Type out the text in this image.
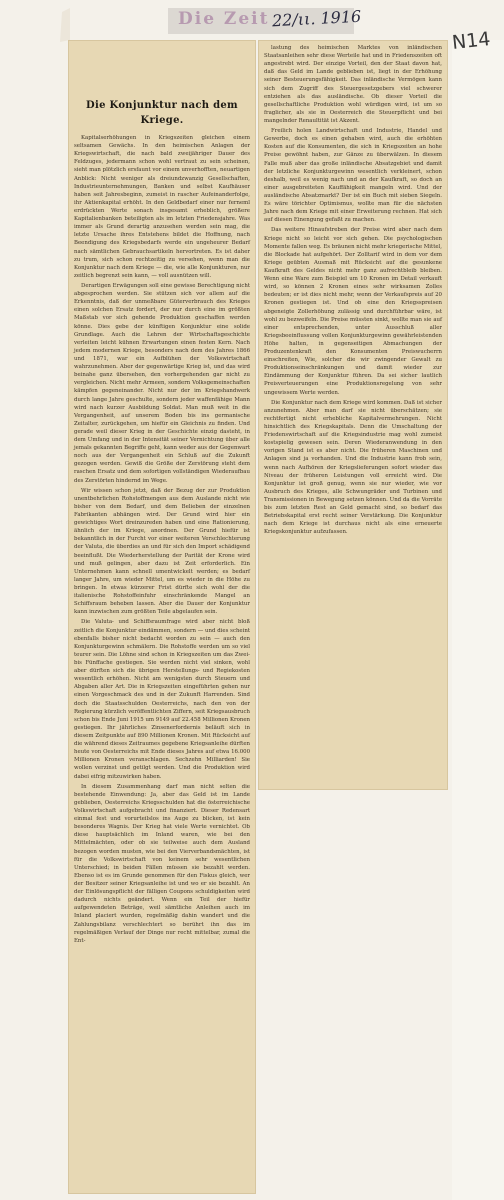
Die Zeit 22/ιι. 1916
N14
Die Konjunktur nach dem Kriege.

Kapitalserhöhungen in Kriegszeiten gleichen einem seltsamen Gewächs. In den heimischen Anlagen der Kriegswirtschaft, die nach bald zweijähriger Dauer des Feldzuges, jedermann schon wohl vertraut zu sein scheinen, sieht man plötzlich ersfaunt vor einem unverhofften, neuartigen Anblick: Nicht weniger als dreiundzwanzig Gesellschaften, Industrieunternehmungen, Banken und selbst Kaufhäuser haben seit Jahresbeginn, zumeist in rascher Aufeinanderfolge, ihr Aktienkapital erhöht. In den Geldbedarf einer nur ferneml erdrückten Werte sonach insgesamt erheblich, größere Kapitalienbanken beteiligten als im letzten Friedensjahre. Was immer als Grund derartig anzusehen werden sein mag, die letzte Ursache ihres Entstehens bildet die Hoffnung, nach Beendigung des Kriegsbedarfs werde ein ungeheurer Bedarf nach sämtlichen Gebrauchsartikeln hervortreten. Es ist daher zu trum, sich schon rechtzeitig zu versehen, wenn man die Konjunktur nach dem Kriege — die, wie alle Konjunkturen, nur zeitlich begrenzt sein kann, — voll ausnützen will.

Derartigen Erwägungen soll eine gewisse Berechtigung nicht abgesprochen werden. Sie stützen sich vor allem auf die Erkenntnis, daß der unmeßbare Güterverbrauch des Krieges einen solchen Ersatz fordert, der nur durch eine im größten Maßstab vor sich gehende Produktion geschaffen werden könne. Dies gebe der künftigen Konjunktur eine solide Grundlage. Auch die Lehren der Wirtschaftsgeschichte verleiten leicht kühnen Erwartungen einen festen Kern. Nach jedem modernen Kriege, besonders nach dem des Jahres 1866 und 1871, war ein Aufblühen der Volkswirtschaft wahrzunehmen. Aber der gegenwärtige Krieg ist, und das wird beinahe ganz übersehen, den vorhergehenden gar nicht zu vergleichen. Nicht mehr Armeen, sondern Volksgemeinschaften kämpfen gegeneinander. Nicht nur der im Kriegshandwerk durch lange Jahre geschulte, sondern jeder waffenfähige Mann wird nach kurzer Ausbildung Soldat. Man muß weit in die Vergangenheit, auf unserem Boden bis ins germanische Zeitalter, zurückgehen, um hiefür ein Gleichnis zu finden. Und gerade weil dieser Krieg in der Geschichte einzig dasteht, in dem Umfang und in der Intensität seiner Vernichtung über alle jemals gekannten Begriffe geht, kann weder aus der Gegenwart noch aus der Vergangenheit ein Schluß auf die Zukunft gezogen werden. Gewiß die Größe der Zerstörung steht dem raschen Ersatz und dem sofortigen vollständigen Wiederaufbau des Zerstörten hindernd im Wege.

Wir wissen schon jetzt, daß der Bezug der zur Produktion unentbehrlichen Rohstoffmengen aus dem Auslande nicht wie bisher von dem Bedarf, und dem Belieben der einzelnen Fabrikanten abhängen wird. Der Grund wird hier ein gewichtiges Wort dreinzureden haben und eine Rationierung, ähnlich der im Kriege, anordnen. Der Grund hiefür ist bekanntlich in der Furcht vor einer weiteren Verschlechterung der Valuta, die überdies an und für sich den Import schädigend beeinflußt. Die Wiederherstellung der Parität der Krone wird und muß gelingen, aber dazu ist Zeit erforderlich. Ein Unternehmen kann schnell umentwickelt werden; es bedarf langer Jahre, um wieder Mittel, um es wieder in die Höhe zu bringen. In etwas kürzerer Frist dürfte sich wohl der die italienische Rohstoffeinfuhr einschränkende Mangel an Schiffsraum beheben lassen. Aber die Dauer der Konjunktur kann inzwischen zum größten Teile abgelaufen sein.

Die Valuta- und Schiffsraumfrage wird aber nicht bloß zeitlich die Konjunktur eindämmen, sondern — und dies scheint ebenfalls bisher nicht bedacht worden zu sein — auch den Konjunkturgewinn schmälern. Die Rohstoffe werden um so viel teurer sein. Die Löhne sind schon in Kriegszeiten um das Zwei- bis Fünffache gestiegen. Sie werden nicht viel sinken, wohl aber dürften sich die übrigen Herstellungs- und Regiekosten wesentlich erhöhen. Nicht am wenigsten durch Steuern und Abgaben aller Art. Die in Kriegszeiten eingeführten gehen nur einen Vorgeschmack des und in der Zukunft Harrenden. Sind doch die Staatsschulden Oesterreichs, nach den von der Regierung kürzlich veröffentlichten Ziffern, seit Kriegsausbruch schon bis Ende Juni 1915 um 9149 auf 22.458 Millionen Kronen gestiegen. Ihr jährliches Zinsenerfordernis beläuft sich in diesem Zeitpunkte auf 890 Millionen Kronen. Mit Rücksicht auf die während dieses Zeitraumes gegebene Kriegsanleihe dürften heute von Oesterreichs mit Ende dieses Jahres auf etwa 16.000 Millionen Kronen veranschlagen. Sechzehn Milliarden! Sie wollen verzinst und getilgt werden. Und die Produktion wird dabei eifrig mitzuwirken haben.

In diesem Zusammenhang darf man nicht selten die bestehende Einwendung: Ja, aber das Geld ist im Lande geblieben, Oesterreichs Kriegsschulden hat die österreichische Volkswirtschaft aufgebracht und finanziert. Dieser Redensart einmal fest und vorurteilslos ins Auge zu blicken, ist kein besonderes Wagnis. Der Krieg hat viele Werte vernichtet. Ob diese hauptsächlich im Inland waren, wie bei den Mittelmächten, oder ob sie teilweise auch dem Ausland bezogen worden musten, wie bei den Vierverbandsmächten, ist für die Volkswirtschaft von keinem sehr wesentlichen Unterschied; in beiden Fällen müssen sie bezahlt werden. Ebenso ist es im Grunde genommen für den Fiskus gleich, wer der Besitzer seiner Kriegsanleihe ist und wo er sie bezahlt. An der Einlösungspflicht der fälligen Coupons schuldigkeiten wird dadurch nichts geändert. Wenn ein Teil der hiefür aufgewendeten Beträge, weil sämtliche Anleihen auch im Inland placiert wurden, regelmäßig dahin wandert und die Zahlungsbilanz verschlechtert so berührt ihn das im regelmäßigen Verlauf der Dinge nur recht mittelbar, zumal die Ent-

lastung des heimischen Marktes von inländischen Staatsanleihen sehr diese Werteile hat und in Friedenszeiten oft angestrebt wird. Der einzige Vorteil, den der Staat davon hat, daß das Geld im Lande geblieben ist, liegt in der Erhöhung seiner Besteuerungsfähigkeit. Das inländische Vermögen kann sich dem Zugriff des Steuergesetzgebers viel schwerer entziehen als das ausländische. Ob dieser Vorteil die gesellschaftliche Produktion wohl würdigen wird, ist um so fraglicher, als sie in Oesterreich die Steuerpflicht und bei mangelnder Renaultität ist Akzent.

Freilich holen Landwirtschaft und Industrie, Handel und Gewerbe, doch es einen gehaben wird, auch die erhöhten Kosten auf die Konsumenten, die sich in Kriegszeiten an hohe Preise gewöhnt haben, zur Gänze zu überwälzen. In diesem Falle muß aber das große inländische Absatzgebiet und damit der letzliche Konjunkturgewinn wesentlich verkleinert, schon deshalb, weil es wenig nach und an der Kaufkraft, so doch an einer ausgebreiteten Kauffähigkeit mangeln wird. Und der ausländische Absatzmarkt? Der ist ein Buch mit sieben Siegeln. Es wäre törichter Optimismus, wollte man für die nächsten Jahre nach dem Kriege mit einer Erweiterung rechnen. Hat sich auf diesen Einengung gefaßt zu machen.

Das weitere Hinaufstreben der Preise wird aber nach dem Kriege nicht so leicht vor sich gehen. Die psychologischen Momente fallen weg. Es bräunen nicht mehr kriegerische Mittel, die Blockade hat aufgehört. Der Zolltarif wird in dem vor dem Kriege geübten Ausmaß mit Rücksicht auf die gesunkene Kaufkraft des Geldes nicht mehr ganz aufrechtbleib bleiben. Wenn eine Ware zum Beispiel um 10 Kronen im Detail verkauft wird, so können 2 Kronen eines sehr wirksamen Zolles bedeuten; er ist dies nicht mehr, wenn der Verkaufspreis auf 20 Kronen gestiegen ist. Und ob eine den Kriegsspreisen abgeneigte Zollerhöhung zulässig und durchführbar wäre, ist wohl zu bezweifeln. Die Preise müssten sinkt, wollte man sie auf einer entsprechenden, unter Ausschluß aller Kriegsbeeinflussung vollen Konjunkturgewinn gewährleistenden Höhe halten, in gegenseitigen Abmachungen der Produzentenkraft den Konsumenten Preiswucherrn einschreiten, Wie, solcher die wir zwingender Gewalt zu Produktionseinschränkungen und damit wieder zur Eindämmung der Konjunktur führen. Da sei sicher lautlich Preisverteuerungen eine Produktionsregelung von sehr ungewissem Werte werden.

Die Konjunktur nach dem Kriege wird kommen. Daß ist sicher anzunehmen. Aber man darf sie nicht überschätzen; sie rechtfertigt nicht erhebliche Kapitalvermehrungen. Nicht hinsichtlich des Kriegskapitals. Denn die Umschaltung der Friedenswirtschaft auf die Kriegsindustrie mag wohl zumeist kostspielig gewesen sein. Deren Wiederanwendung in den vorigen Stand ist es aber nicht. Die früheren Maschinen und Anlagen sind ja vorhanden. Und die Industrie kann frob sein, wenn nach Aufhören der Kriegslieferungen sofort wieder das Niveau der früheren Leistungen voll erreicht wird. Die Konjunktur ist groß genug, wenn sie nur wieder, wie vor Ausbruch des Krieges, alle Schwungräder und Turbinen und Transmissionen in Bewegung setzen können. Und da die Vorräte bis zum letzten Rest an Geld gemacht sind, so bedarf das Betriebskapital erst recht seiner Verstärkung. Die Konjunktur nach dem Kriege ist durchaus nicht als eine erneuerte Kriegskonjunktur aufzufassen.
